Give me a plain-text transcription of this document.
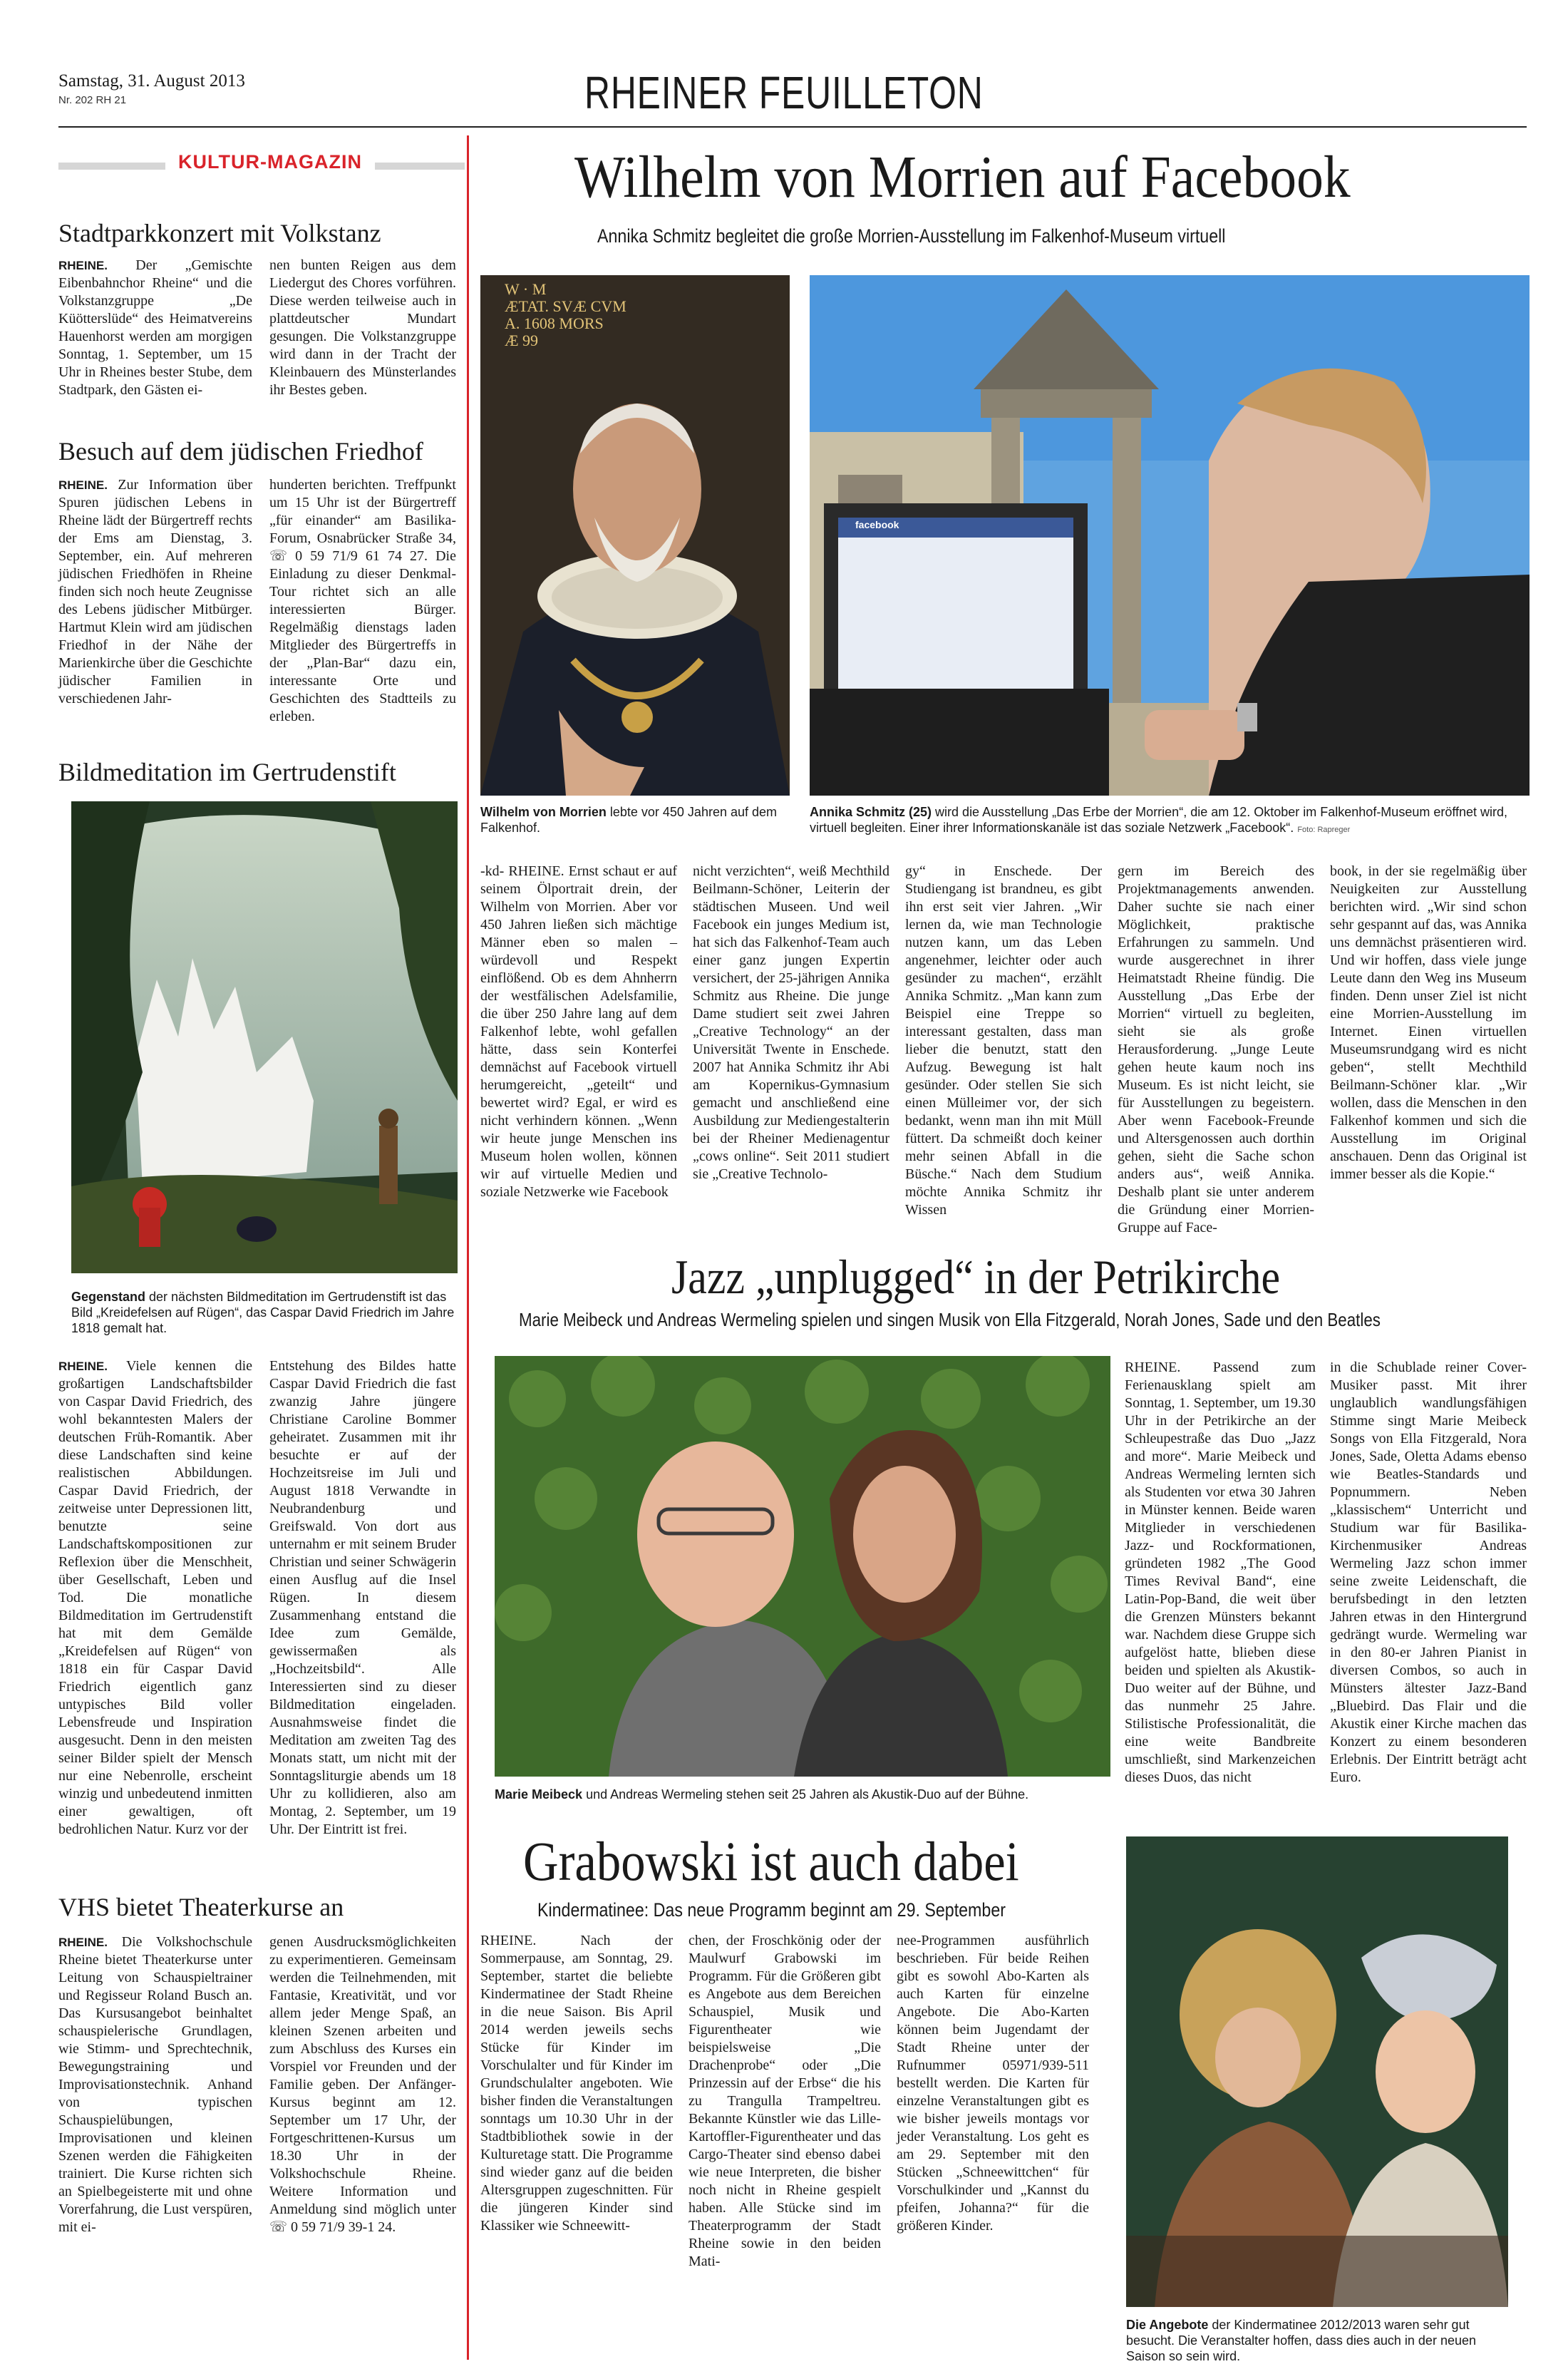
Samstag, 31. August 2013
Nr. 202 RH 21	RHEINER FEUILLETON
KULTUR-MAGAZIN
Stadtparkkonzert mit Volkstanz
RHEINE. Der „Gemischte Eibenbahnchor Rheine“ und die Volkstanzgruppe „De Küötterslüde“ des Heimatvereins Hauenhorst werden am morgigen Sonntag, 1. September, um 15 Uhr in Rheines bester Stube, dem Stadtpark, den Gästen ei-
nen bunten Reigen aus dem Liedergut des Chores vorführen. Diese werden teilweise auch in plattdeutscher Mundart gesungen. Die Volkstanzgruppe wird dann in der Tracht der Kleinbauern des Münsterlandes ihr Bestes geben.
Besuch auf dem jüdischen Friedhof
RHEINE. Zur Information über Spuren jüdischen Lebens in Rheine lädt der Bürgertreff rechts der Ems am Dienstag, 3. September, ein. Auf mehreren jüdischen Friedhöfen in Rheine finden sich noch heute Zeugnisse des Lebens jüdischer Mitbürger. Hartmut Klein wird am jüdischen Friedhof in der Nähe der Marienkirche über die Geschichte jüdischer Familien in verschiedenen Jahr-
hunderten berichten. Treffpunkt um 15 Uhr ist der Bürgertreff „für einander“ am Basilika-Forum, Osnabrücker Straße 34, ☏ 0 59 71/9 61 74 27. Die Einladung zu dieser Denkmal-Tour richtet sich an alle interessierten Bürger. Regelmäßig dienstags laden Mitglieder des Bürgertreffs in der „Plan-Bar“ dazu ein, interessante Orte und Geschichten des Stadtteils zu erleben.
Bildmeditation im Gertrudenstift
Gegenstand der nächsten Bildmeditation im Gertrudenstift ist das Bild „Kreidefelsen auf Rügen“, das Caspar David Friedrich im Jahre 1818 gemalt hat.
RHEINE. Viele kennen die großartigen Landschaftsbilder von Caspar David Friedrich, des wohl bekanntesten Malers der deutschen Früh-Romantik. Aber diese Landschaften sind keine realistischen Abbildungen. Caspar David Friedrich, der zeitweise unter Depressionen litt, benutzte seine Landschaftskompositionen zur Reflexion über die Menschheit, über Gesellschaft, Leben und Tod. Die monatliche Bildmeditation im Gertrudenstift hat mit dem Gemälde „Kreidefelsen auf Rügen“ von 1818 ein für Caspar David Friedrich eigentlich ganz untypisches Bild voller Lebensfreude und Inspiration ausgesucht. Denn in den meisten seiner Bilder spielt der Mensch nur eine Nebenrolle, erscheint winzig und unbedeutend inmitten einer gewaltigen, oft bedrohlichen Natur. Kurz vor der
Entstehung des Bildes hatte Caspar David Friedrich die fast zwanzig Jahre jüngere Christiane Caroline Bommer geheiratet. Zusammen mit ihr besuchte er auf der Hochzeitsreise im Juli und August 1818 Verwandte in Neubrandenburg und Greifswald. Von dort aus unternahm er mit seinem Bruder Christian und seiner Schwägerin einen Ausflug auf die Insel Rügen. In diesem Zusammenhang entstand die Idee zum Gemälde, gewissermaßen als „Hochzeitsbild“. Alle Interessierten sind zu dieser Bildmeditation eingeladen. Ausnahmsweise findet die Meditation am zweiten Tag des Monats statt, um nicht mit der Sonntagsliturgie abends um 18 Uhr zu kollidieren, also am Montag, 2. September, um 19 Uhr. Der Eintritt ist frei.
VHS bietet Theaterkurse an
RHEINE. Die Volkshochschule Rheine bietet Theaterkurse unter Leitung von Schauspieltrainer und Regisseur Roland Busch an. Das Kursusangebot beinhaltet schauspielerische Grundlagen, wie Stimm- und Sprechtechnik, Bewegungstraining und Improvisationstechnik. Anhand von typischen Schauspielübungen, Improvisationen und kleinen Szenen werden die Fähigkeiten trainiert. Die Kurse richten sich an Spielbegeisterte mit und ohne Vorerfahrung, die Lust verspüren, mit ei-
genen Ausdrucksmöglichkeiten zu experimentieren. Gemeinsam werden die Teilnehmenden, mit Fantasie, Kreativität, und vor allem jeder Menge Spaß, an kleinen Szenen arbeiten und zum Abschluss des Kurses ein Vorspiel vor Freunden und der Familie geben. Der Anfänger-Kursus beginnt am 12. September um 17 Uhr, der Fortgeschrittenen-Kursus um 18.30 Uhr in der Volkshochschule Rheine. Weitere Information und Anmeldung sind möglich unter ☏ 0 59 71/9 39-1 24.
Wilhelm von Morrien auf Facebook
Annika Schmitz begleitet die große Morrien-Ausstellung im Falkenhof-Museum virtuell
W · M
ÆTAT. SVÆ CVM
A. 1608 MORS
Æ 99
facebook
Wilhelm von Morrien lebte vor 450 Jahren auf dem Falkenhof.
Annika Schmitz (25) wird die Ausstellung „Das Erbe der Morrien“, die am 12. Oktober im Falkenhof-Museum eröffnet wird, virtuell begleiten. Einer ihrer Informationskanäle ist das soziale Netzwerk „Facebook“. Foto: Rapreger
-kd- RHEINE. Ernst schaut er auf seinem Ölportrait drein, der Wilhelm von Morrien. Aber vor 450 Jahren ließen sich mächtige Männer eben so malen – würdevoll und Respekt einflößend. Ob es dem Ahnherrn der westfälischen Adelsfamilie, die über 250 Jahre lang auf dem Falkenhof lebte, wohl gefallen hätte, dass sein Konterfei demnächst auf Facebook virtuell herumgereicht, „geteilt“ und bewertet wird? Egal, er wird es nicht verhindern können. „Wenn wir heute junge Menschen ins Museum holen wollen, können wir auf virtuelle Medien und soziale Netzwerke wie Facebook
nicht verzichten“, weiß Mechthild Beilmann-Schöner, Leiterin der städtischen Museen. Und weil Facebook ein junges Medium ist, hat sich das Falkenhof-Team auch einer ganz jungen Expertin versichert, der 25-jährigen Annika Schmitz aus Rheine. Die junge Dame studiert seit zwei Jahren „Creative Technology“ an der Universität Twente in Enschede. 2007 hat Annika Schmitz ihr Abi am Kopernikus-Gymnasium gemacht und anschließend eine Ausbildung zur Mediengestalterin bei der Rheiner Medienagentur „cows online“. Seit 2011 studiert sie „Creative Technolo-
gy“ in Enschede. Der Studiengang ist brandneu, es gibt ihn erst seit vier Jahren. „Wir lernen da, wie man Technologie nutzen kann, um das Leben angenehmer, leichter oder auch gesünder zu machen“, erzählt Annika Schmitz. „Man kann zum Beispiel eine Treppe so interessant gestalten, dass man lieber die benutzt, statt den Aufzug. Bewegung ist halt gesünder. Oder stellen Sie sich einen Mülleimer vor, der sich bedankt, wenn man ihn mit Müll füttert. Da schmeißt doch keiner mehr seinen Abfall in die Büsche.“ Nach dem Studium möchte Annika Schmitz ihr Wissen
gern im Bereich des Projektmanagements anwenden. Daher suchte sie nach einer Möglichkeit, praktische Erfahrungen zu sammeln. Und wurde ausgerechnet in ihrer Heimatstadt Rheine fündig. Die Ausstellung „Das Erbe der Morrien“ virtuell zu begleiten, sieht sie als große Herausforderung. „Junge Leute gehen heute kaum noch ins Museum. Es ist nicht leicht, sie für Ausstellungen zu begeistern. Aber wenn Facebook-Freunde und Altersgenossen auch dorthin gehen, sieht die Sache schon anders aus“, weiß Annika. Deshalb plant sie unter anderem die Gründung einer Morrien-Gruppe auf Face-
book, in der sie regelmäßig über Neuigkeiten zur Ausstellung berichten wird. „Wir sind schon sehr gespannt auf das, was Annika uns demnächst präsentieren wird. Und wir hoffen, dass viele junge Leute dann den Weg ins Museum finden. Denn unser Ziel ist nicht eine Morrien-Ausstellung im Internet. Einen virtuellen Museumsrundgang wird es nicht geben“, stellt Mechthild Beilmann-Schöner klar. „Wir wollen, dass die Menschen in den Falkenhof kommen und sich die Ausstellung im Original anschauen. Denn das Original ist immer besser als die Kopie.“
Jazz „unplugged“ in der Petrikirche
Marie Meibeck und Andreas Wermeling spielen und singen Musik von Ella Fitzgerald, Norah Jones, Sade und den Beatles
Marie Meibeck und Andreas Wermeling stehen seit 25 Jahren als Akustik-Duo auf der Bühne.
RHEINE. Passend zum Ferienausklang spielt am Sonntag, 1. September, um 19.30 Uhr in der Petrikirche an der Schleupestraße das Duo „Jazz and more“. Marie Meibeck und Andreas Wermeling lernten sich als Studenten vor etwa 30 Jahren in Münster kennen. Beide waren Mitglieder in verschiedenen Jazz- und Rockformationen, gründeten 1982 „The Good Times Revival Band“, eine Latin-Pop-Band, die weit über die Grenzen Münsters bekannt war. Nachdem diese Gruppe sich aufgelöst hatte, blieben diese beiden und spielten als Akustik-Duo weiter auf der Bühne, und das nunmehr 25 Jahre. Stilistische Professionalität, die eine weite Bandbreite umschließt, sind Markenzeichen dieses Duos, das nicht
in die Schublade reiner Cover-Musiker passt. Mit ihrer unglaublich wandlungsfähigen Stimme singt Marie Meibeck Songs von Ella Fitzgerald, Nora Jones, Sade, Oletta Adams ebenso wie Beatles-Standards und Popnummern. Neben „klassischem“ Unterricht und Studium war für Basilika-Kirchenmusiker Andreas Wermeling Jazz schon immer seine zweite Leidenschaft, die berufsbedingt in den letzten Jahren etwas in den Hintergrund gedrängt wurde. Wermeling war in den 80-er Jahren Pianist in diversen Combos, so auch in Münsters ältester Jazz-Band „Bluebird. Das Flair und die Akustik einer Kirche machen das Konzert zu einem besonderen Erlebnis. Der Eintritt beträgt acht Euro.
Grabowski ist auch dabei
Kindermatinee: Das neue Programm beginnt am 29. September
RHEINE. Nach der Sommerpause, am Sonntag, 29. September, startet die beliebte Kindermatinee der Stadt Rheine in die neue Saison. Bis April 2014 werden jeweils sechs Stücke für Kinder im Vorschulalter und für Kinder im Grundschulalter angeboten. Wie bisher finden die Veranstaltungen sonntags um 10.30 Uhr in der Stadtbibliothek sowie in der Kulturetage statt. Die Programme sind wieder ganz auf die beiden Altersgruppen zugeschnitten. Für die jüngeren Kinder sind Klassiker wie Schneewitt-
chen, der Froschkönig oder der Maulwurf Grabowski im Programm. Für die Größeren gibt es Angebote aus dem Bereichen Schauspiel, Musik und Figurentheater wie beispielsweise „Die Drachenprobe“ oder „Die Prinzessin auf der Erbse“ die his zu Trangulla Trampeltreu. Bekannte Künstler wie das Lille-Kartoffler-Figurentheater und das Cargo-Theater sind ebenso dabei wie neue Interpreten, die bisher noch nicht in Rheine gespielt haben. Alle Stücke sind im Theaterprogramm der Stadt Rheine sowie in den beiden Mati-
nee-Programmen ausführlich beschrieben. Für beide Reihen gibt es sowohl Abo-Karten als auch Karten für einzelne Angebote. Die Abo-Karten können beim Jugendamt der Stadt Rheine unter der Rufnummer 05971/939-511 bestellt werden. Die Karten für einzelne Veranstaltungen gibt es wie bisher jeweils montags vor jeder Veranstaltung. Los geht es am 29. September mit den Stücken „Schneewittchen“ für Vorschulkinder und „Kannst du pfeifen, Johanna?“ für die größeren Kinder.
Die Angebote der Kindermatinee 2012/2013 waren sehr gut besucht. Die Veranstalter hoffen, dass dies auch in der neuen Saison so sein wird.
